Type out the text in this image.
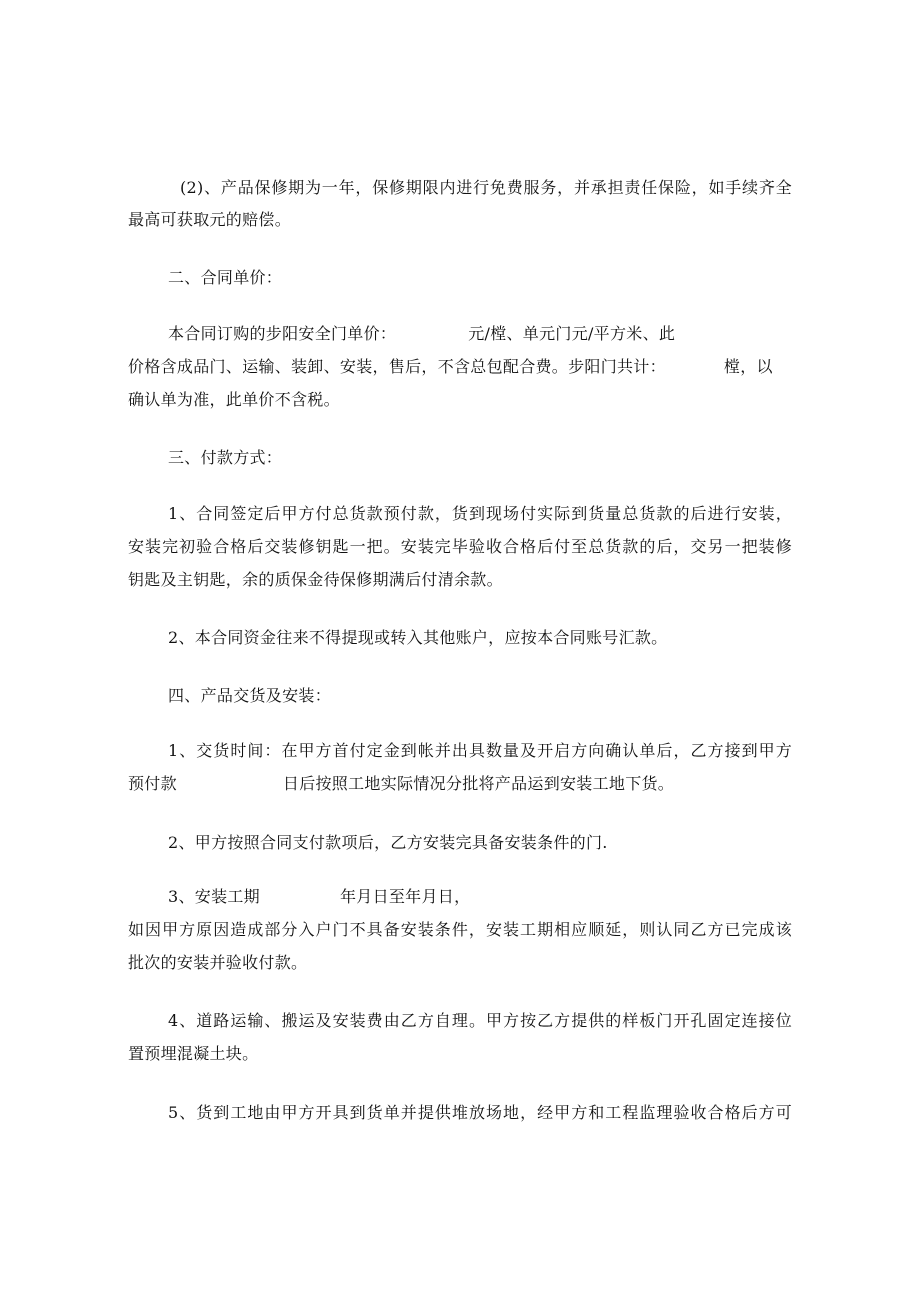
(2)、产品保修期为一年，保修期限内进行免费服务，并承担责任保险，如手续齐全
最高可获取元的赔偿。
二、合同单价：
本合同订购的步阳安全门单价：	元/樘、单元门元/平方米、此
价格含成品门、运输、装卸、安装，售后，不含总包配合费。步阳门共计：	樘，以
确认单为准，此单价不含税。
三、付款方式：
1、合同签定后甲方付总货款预付款，货到现场付实际到货量总货款的后进行安装，
安装完初验合格后交装修钥匙一把。安装完毕验收合格后付至总货款的后，交另一把装修
钥匙及主钥匙，余的质保金待保修期满后付清余款。
2、本合同资金往来不得提现或转入其他账户，应按本合同账号汇款。
四、产品交货及安装：
1、交货时间：在甲方首付定金到帐并出具数量及开启方向确认单后，乙方接到甲方
预付款	日后按照工地实际情况分批将产品运到安装工地下货。
2、甲方按照合同支付款项后，乙方安装完具备安装条件的门.
3、安装工期	年月日至年月日，
如因甲方原因造成部分入户门不具备安装条件，安装工期相应顺延，则认同乙方已完成该
批次的安装并验收付款。
4、道路运输、搬运及安装费由乙方自理。甲方按乙方提供的样板门开孔固定连接位
置预埋混凝土块。
5、货到工地由甲方开具到货单并提供堆放场地，经甲方和工程监理验收合格后方可
